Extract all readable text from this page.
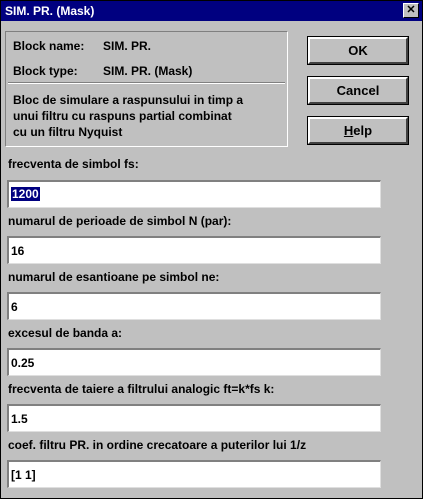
SIM. PR. (Mask)	✕
Block name: SIM. PR.
Block type: SIM. PR. (Mask)
Bloc de simulare a raspunsului in timp a
unui filtru cu raspuns partial combinat
cu un filtru Nyquist
OK
Cancel
Help
frecventa de simbol fs:
1200
numarul de perioade de simbol N (par):
16
numarul de esantioane pe simbol ne:
6
excesul de banda a:
0.25
frecventa de taiere a filtrului analogic ft=k*fs k:
1.5
coef. filtru PR. in ordine crecatoare a puterilor lui 1/z
[1 1]
